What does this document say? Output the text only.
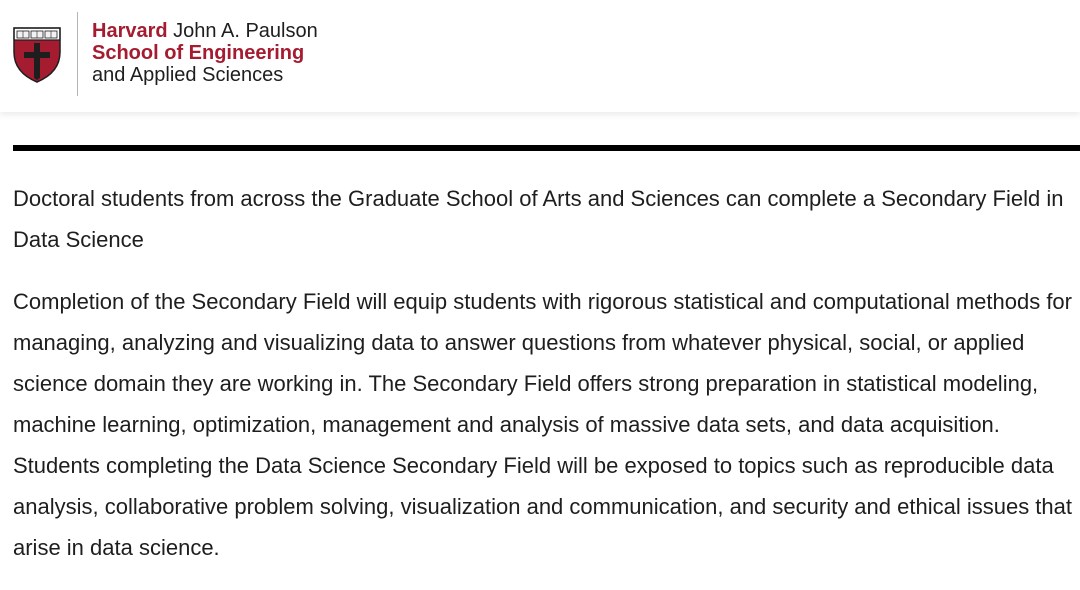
Harvard John A. Paulson
School of Engineering
and Applied Sciences

Doctoral students from across the Graduate School of Arts and Sciences can complete a Secondary Field in Data Science

Completion of the Secondary Field will equip students with rigorous statistical and computational methods for managing, analyzing and visualizing data to answer questions from whatever physical, social, or applied science domain they are working in. The Secondary Field offers strong preparation in statistical modeling, machine learning, optimization, management and analysis of massive data sets, and data acquisition. Students completing the Data Science Secondary Field will be exposed to topics such as reproducible data analysis, collaborative problem solving, visualization and communication, and security and ethical issues that arise in data science.
